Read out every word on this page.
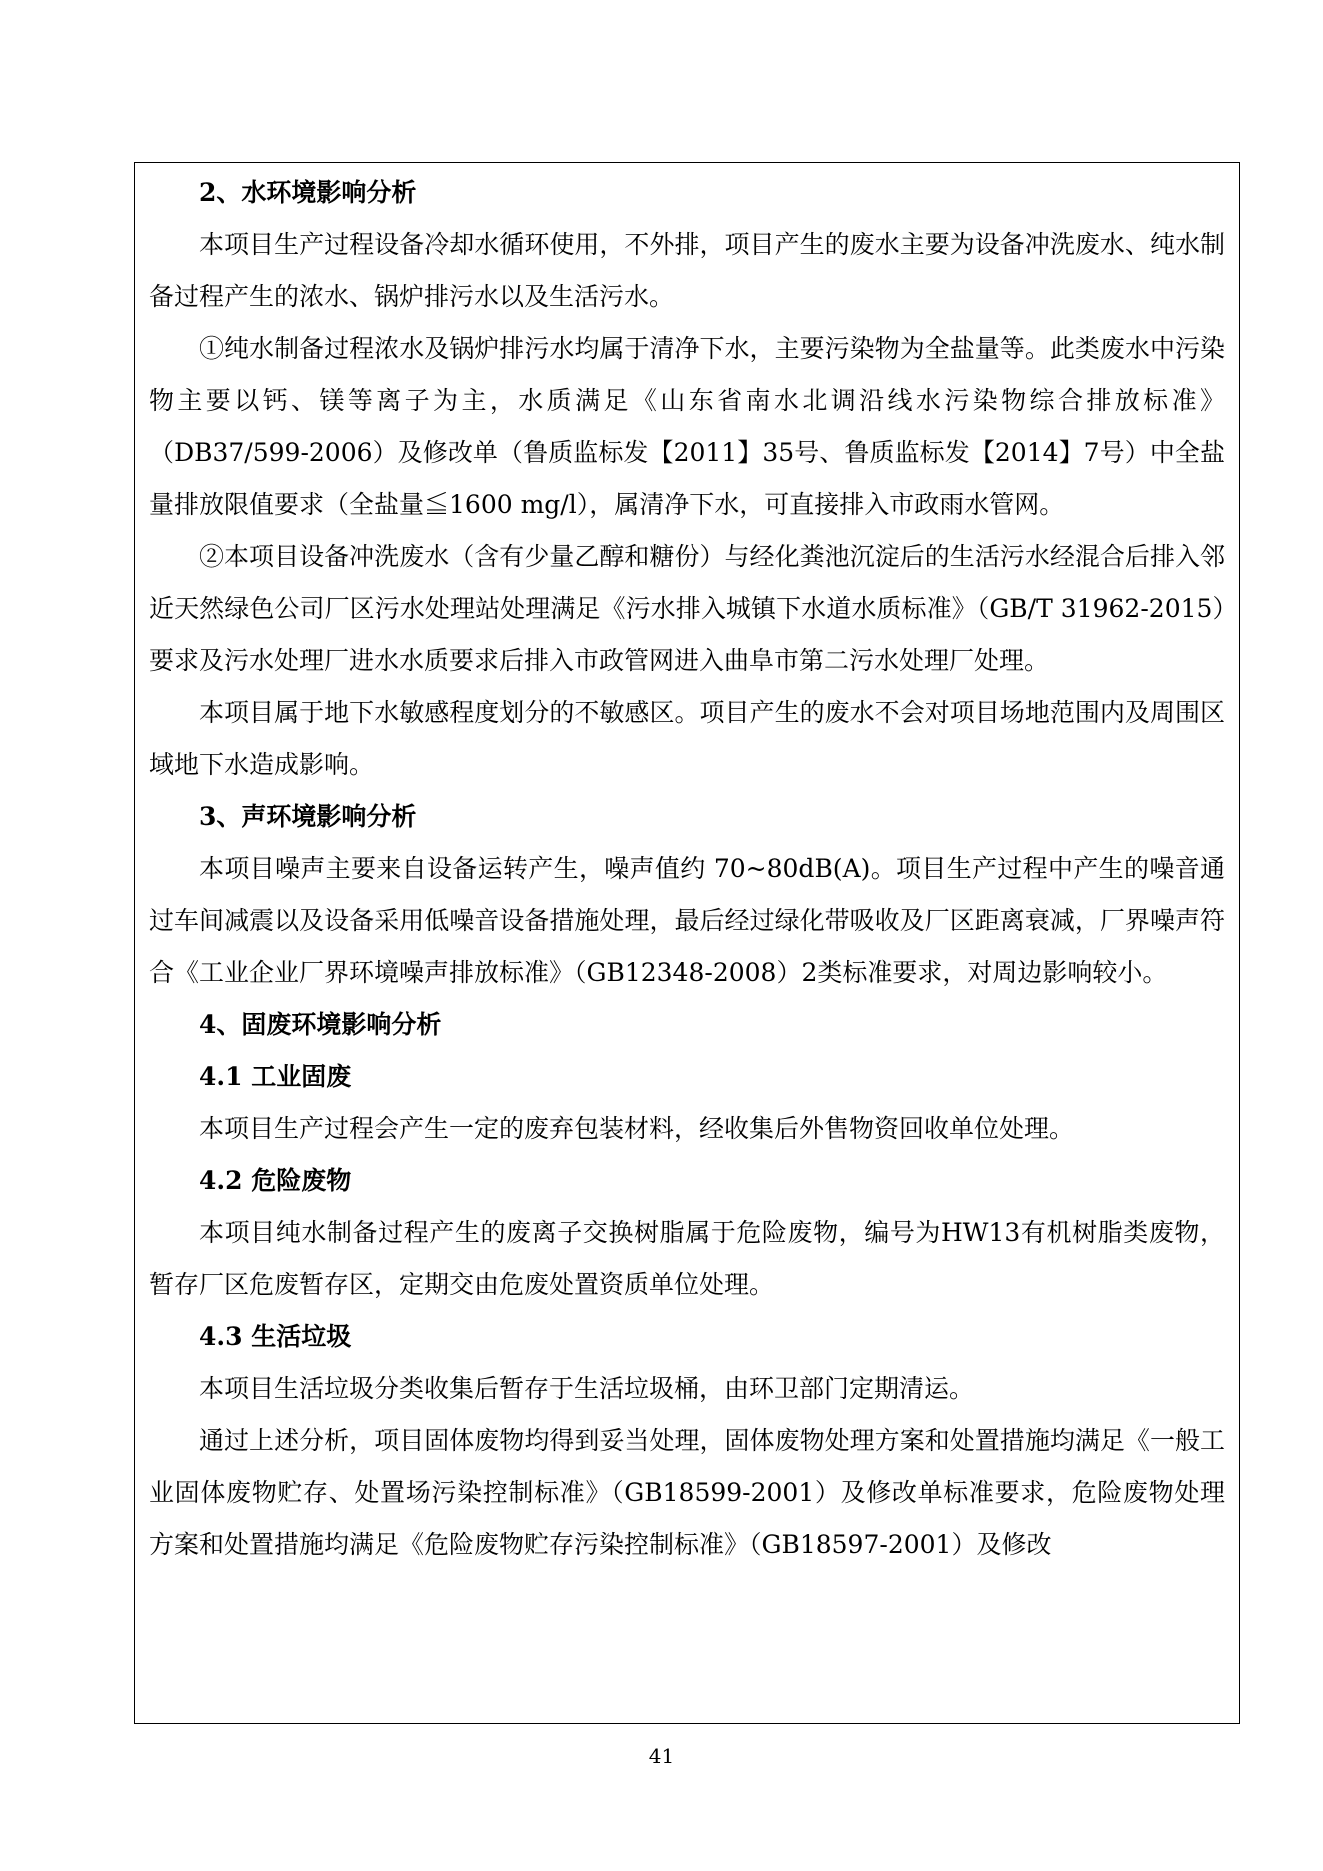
2、水环境影响分析

本项目生产过程设备冷却水循环使用，不外排，项目产生的废水主要为设备冲洗废水、纯水制备过程产生的浓水、锅炉排污水以及生活污水。

①纯水制备过程浓水及锅炉排污水均属于清净下水，主要污染物为全盐量等。此类废水中污染物主要以钙、镁等离子为主，水质满足《山东省南水北调沿线水污染物综合排放标准》（DB37/599-2006）及修改单（鲁质监标发【2011】35号、鲁质监标发【2014】7号）中全盐量排放限值要求（全盐量≦1600 mg/l），属清净下水，可直接排入市政雨水管网。

②本项目设备冲洗废水（含有少量乙醇和糖份）与经化粪池沉淀后的生活污水经混合后排入邻近天然绿色公司厂区污水处理站处理满足《污水排入城镇下水道水质标准》（GB/T 31962-2015）要求及污水处理厂进水水质要求后排入市政管网进入曲阜市第二污水处理厂处理。

本项目属于地下水敏感程度划分的不敏感区。项目产生的废水不会对项目场地范围内及周围区域地下水造成影响。

3、声环境影响分析

本项目噪声主要来自设备运转产生，噪声值约 70~80dB(A)。项目生产过程中产生的噪音通过车间减震以及设备采用低噪音设备措施处理，最后经过绿化带吸收及厂区距离衰减，厂界噪声符合《工业企业厂界环境噪声排放标准》（GB12348-2008）2类标准要求，对周边影响较小。

4、固废环境影响分析
4.1 工业固废

本项目生产过程会产生一定的废弃包装材料，经收集后外售物资回收单位处理。

4.2 危险废物

本项目纯水制备过程产生的废离子交换树脂属于危险废物，编号为HW13有机树脂类废物，暂存厂区危废暂存区，定期交由危废处置资质单位处理。

4.3 生活垃圾

本项目生活垃圾分类收集后暂存于生活垃圾桶，由环卫部门定期清运。

通过上述分析，项目固体废物均得到妥当处理，固体废物处理方案和处置措施均满足《一般工业固体废物贮存、处置场污染控制标准》（GB18599-2001）及修改单标准要求，危险废物处理方案和处置措施均满足《危险废物贮存污染控制标准》（GB18597-2001）及修改

41
